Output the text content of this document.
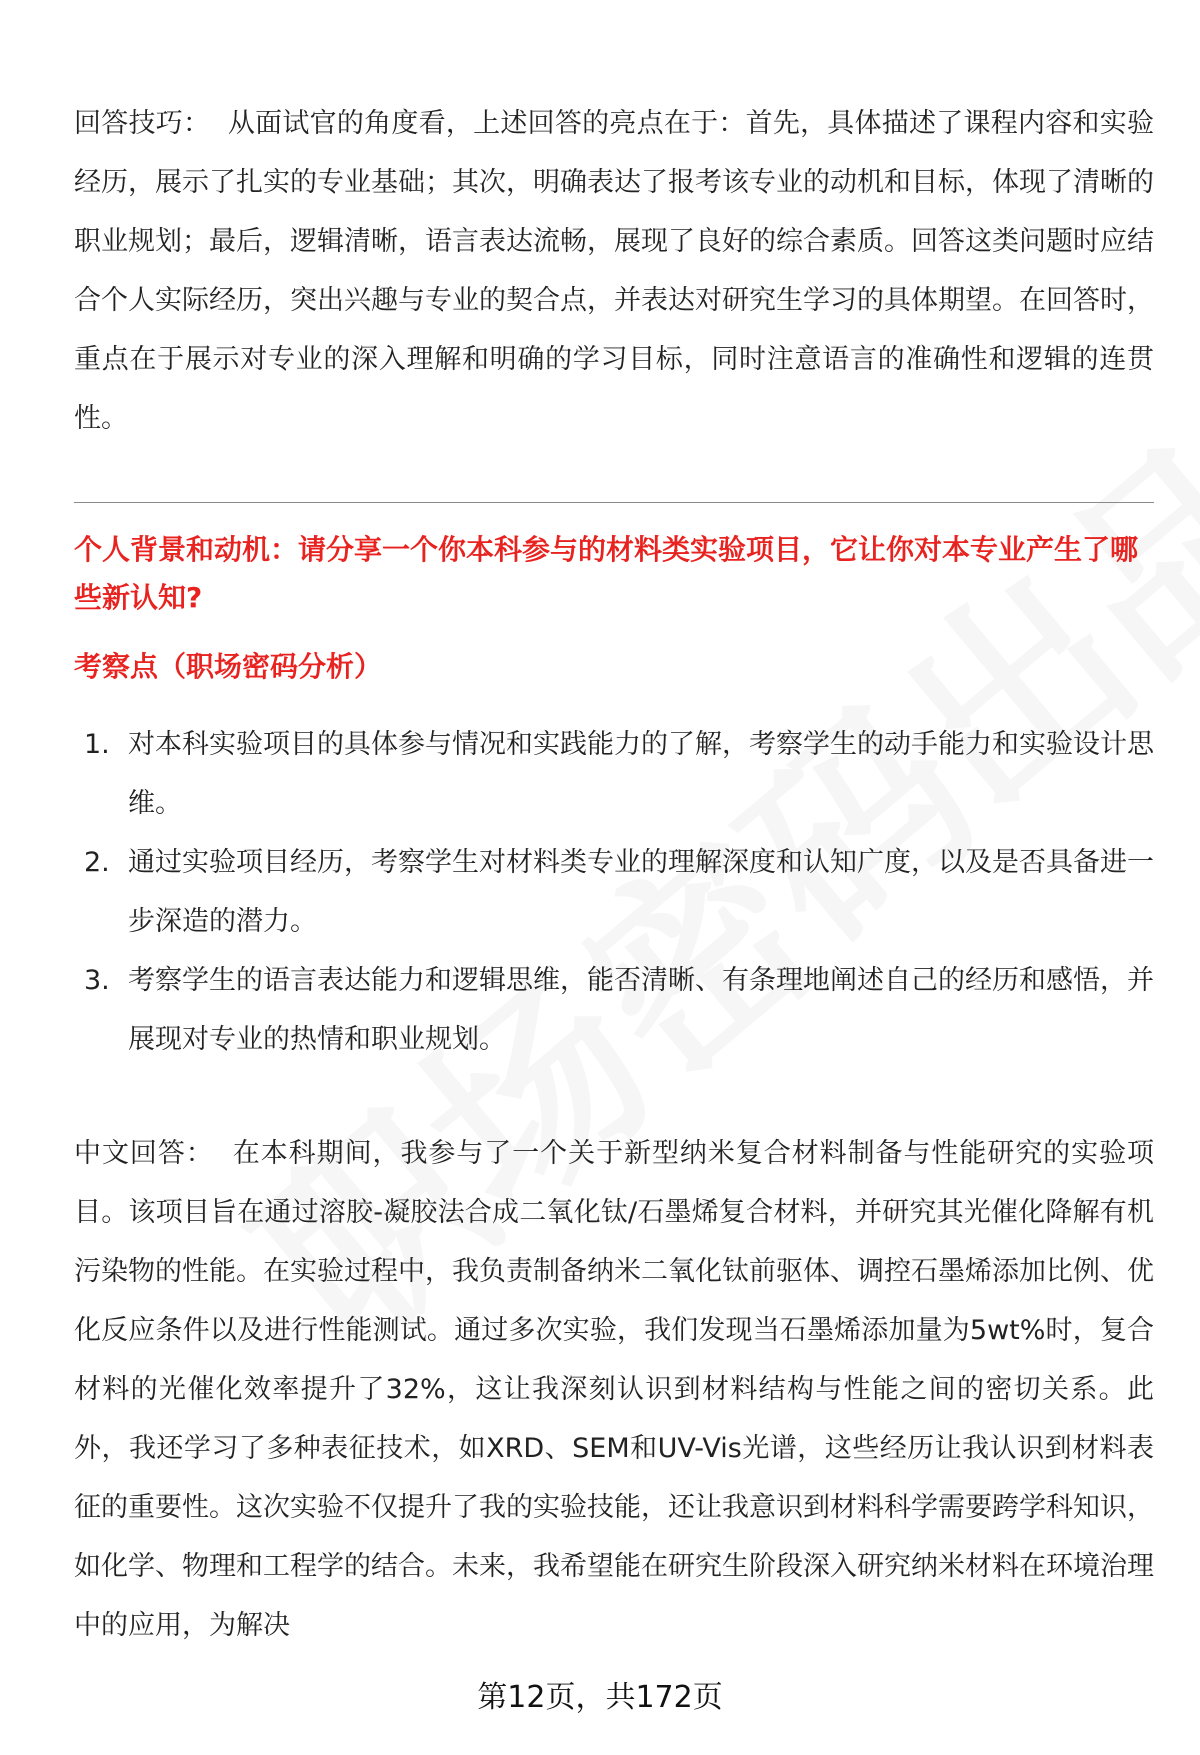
回答技巧： 从面试官的角度看，上述回答的亮点在于：首先，具体描述了课程内容和实验经历，展示了扎实的专业基础；其次，明确表达了报考该专业的动机和目标，体现了清晰的职业规划；最后，逻辑清晰，语言表达流畅，展现了良好的综合素质。回答这类问题时应结合个人实际经历，突出兴趣与专业的契合点，并表达对研究生学习的具体期望。在回答时，重点在于展示对专业的深入理解和明确的学习目标，同时注意语言的准确性和逻辑的连贯性。

个人背景和动机：请分享一个你本科参与的材料类实验项目，它让你对本专业产生了哪些新认知?

考察点（职场密码分析）

1. 对本科实验项目的具体参与情况和实践能力的了解，考察学生的动手能力和实验设计思维。
2. 通过实验项目经历，考察学生对材料类专业的理解深度和认知广度，以及是否具备进一步深造的潜力。
3. 考察学生的语言表达能力和逻辑思维，能否清晰、有条理地阐述自己的经历和感悟，并展现对专业的热情和职业规划。

中文回答： 在本科期间，我参与了一个关于新型纳米复合材料制备与性能研究的实验项目。该项目旨在通过溶胶-凝胶法合成二氧化钛/石墨烯复合材料，并研究其光催化降解有机污染物的性能。在实验过程中，我负责制备纳米二氧化钛前驱体、调控石墨烯添加比例、优化反应条件以及进行性能测试。通过多次实验，我们发现当石墨烯添加量为5wt%时，复合材料的光催化效率提升了32%，这让我深刻认识到材料结构与性能之间的密切关系。此外，我还学习了多种表征技术，如XRD、SEM和UV-Vis光谱，这些经历让我认识到材料表征的重要性。这次实验不仅提升了我的实验技能，还让我意识到材料科学需要跨学科知识，如化学、物理和工程学的结合。未来，我希望能在研究生阶段深入研究纳米材料在环境治理中的应用，为解决

第12页，共172页
